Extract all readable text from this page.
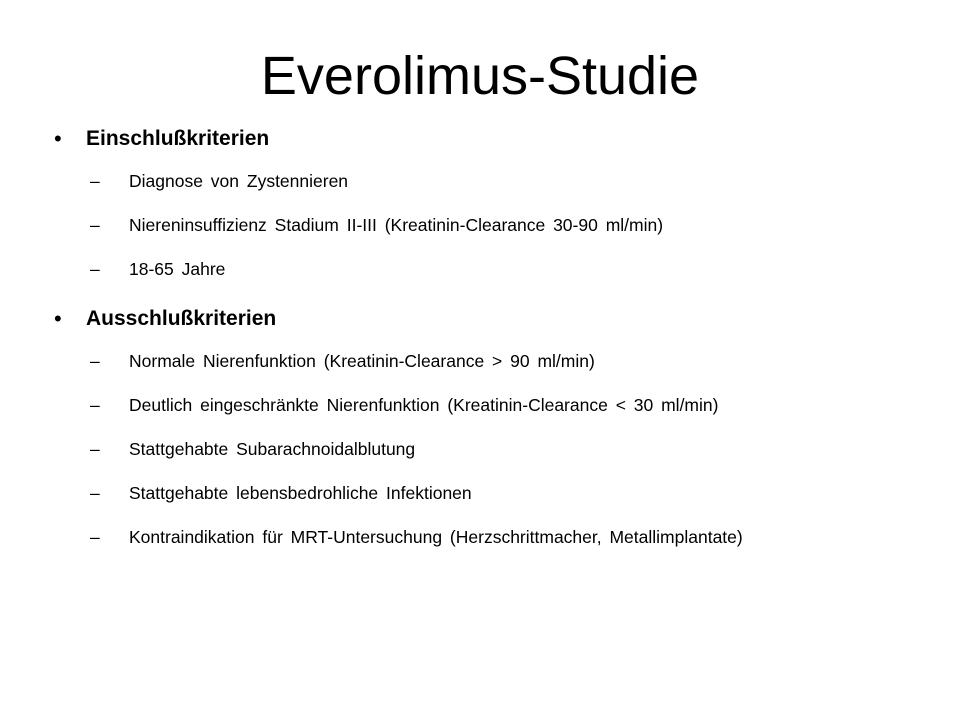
Everolimus-Studie
•	Einschlußkriterien
– Diagnose von Zystennieren
– Niereninsuffizienz Stadium II-III (Kreatinin-Clearance 30-90 ml/min)
– 18-65 Jahre
•	Ausschlußkriterien
– Normale Nierenfunktion (Kreatinin-Clearance > 90 ml/min)
– Deutlich eingeschränkte Nierenfunktion (Kreatinin-Clearance < 30 ml/min)
– Stattgehabte Subarachnoidalblutung
– Stattgehabte lebensbedrohliche Infektionen
– Kontraindikation für MRT-Untersuchung (Herzschrittmacher, Metallimplantate)
